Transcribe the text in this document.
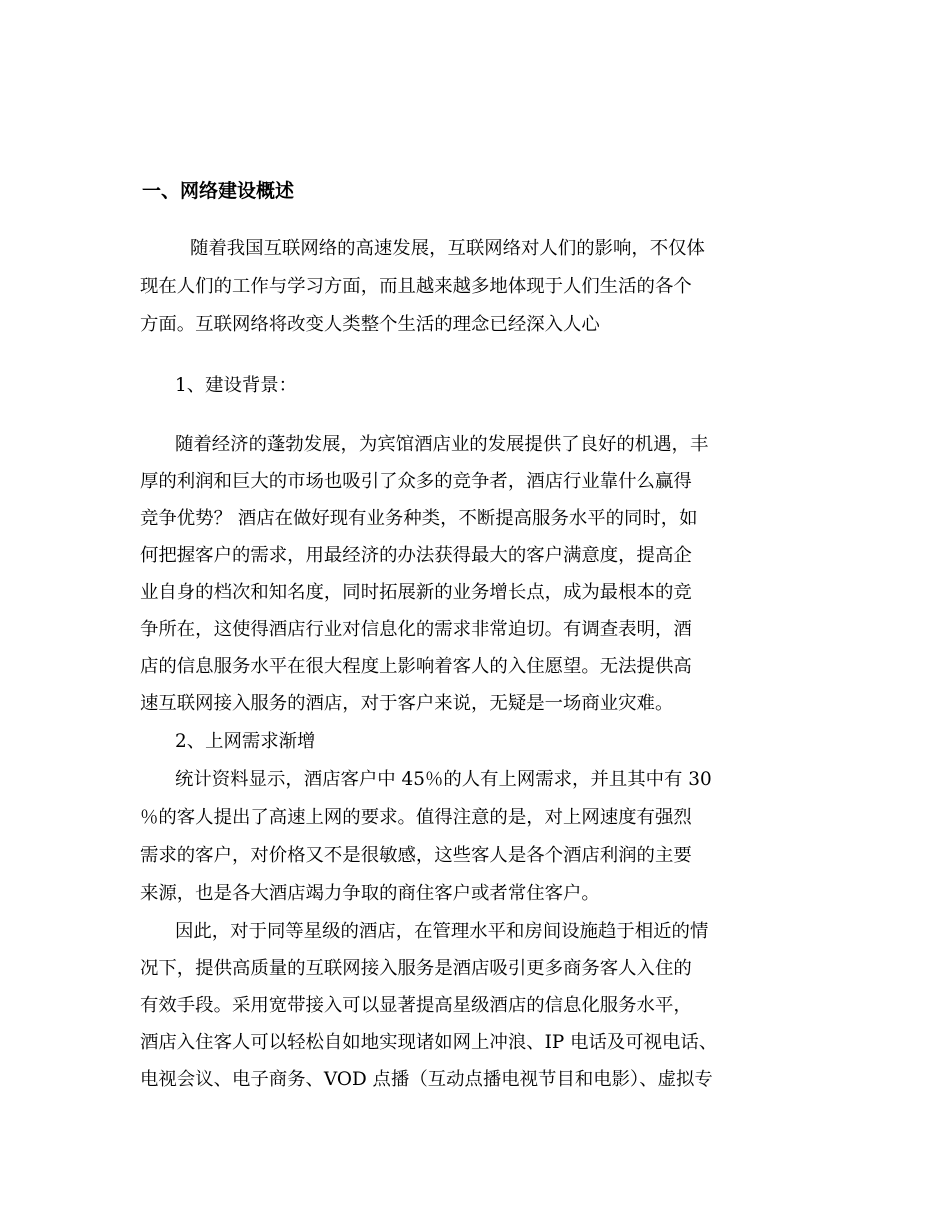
一、网络建设概述
随着我国互联网络的高速发展，互联网络对人们的影响，不仅体
现在人们的工作与学习方面，而且越来越多地体现于人们生活的各个
方面。互联网络将改变人类整个生活的理念已经深入人心
1、建设背景：
随着经济的蓬勃发展，为宾馆酒店业的发展提供了良好的机遇，丰
厚的利润和巨大的市场也吸引了众多的竞争者，酒店行业靠什么赢得
竞争优势？ 酒店在做好现有业务种类，不断提高服务水平的同时，如
何把握客户的需求，用最经济的办法获得最大的客户满意度，提高企
业自身的档次和知名度，同时拓展新的业务增长点，成为最根本的竞
争所在，这使得酒店行业对信息化的需求非常迫切。有调查表明，酒
店的信息服务水平在很大程度上影响着客人的入住愿望。无法提供高
速互联网接入服务的酒店，对于客户来说，无疑是一场商业灾难。
2、上网需求渐增
统计资料显示，酒店客户中 45％的人有上网需求，并且其中有 30
％的客人提出了高速上网的要求。值得注意的是，对上网速度有强烈
需求的客户，对价格又不是很敏感，这些客人是各个酒店利润的主要
来源，也是各大酒店竭力争取的商住客户或者常住客户。
因此，对于同等星级的酒店，在管理水平和房间设施趋于相近的情
况下，提供高质量的互联网接入服务是酒店吸引更多商务客人入住的
有效手段。采用宽带接入可以显著提高星级酒店的信息化服务水平，
酒店入住客人可以轻松自如地实现诸如网上冲浪、IP 电话及可视电话、
电视会议、电子商务、VOD 点播（互动点播电视节目和电影）、虚拟专
